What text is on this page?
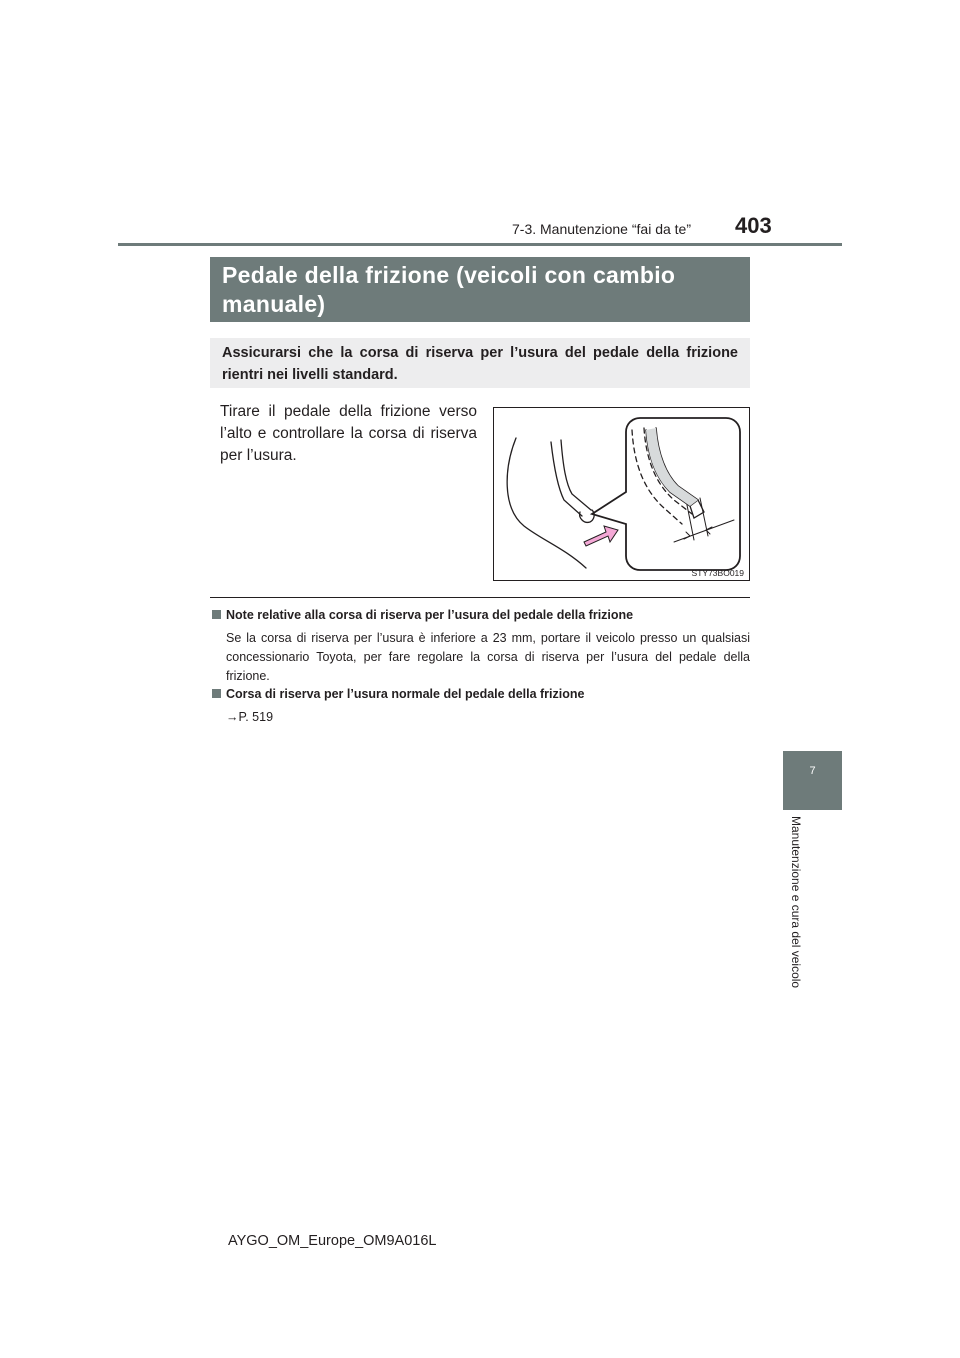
7-3. Manutenzione “fai da te” 403
Pedale della frizione (veicoli con cambio manuale)
Assicurarsi che la corsa di riserva per l’usura del pedale della frizione rientri nei livelli standard.
Tirare il pedale della frizione verso l’alto e controllare la corsa di riserva per l’usura.
STY73BO019
Note relative alla corsa di riserva per l’usura del pedale della frizione
Se la corsa di riserva per l’usura è inferiore a 23 mm, portare il veicolo presso un qualsiasi concessionario Toyota, per fare regolare la corsa di riserva per l’usura del pedale della frizione.
Corsa di riserva per l’usura normale del pedale della frizione
→P. 519
7
Manutenzione e cura del veicolo
AYGO_OM_Europe_OM9A016L
